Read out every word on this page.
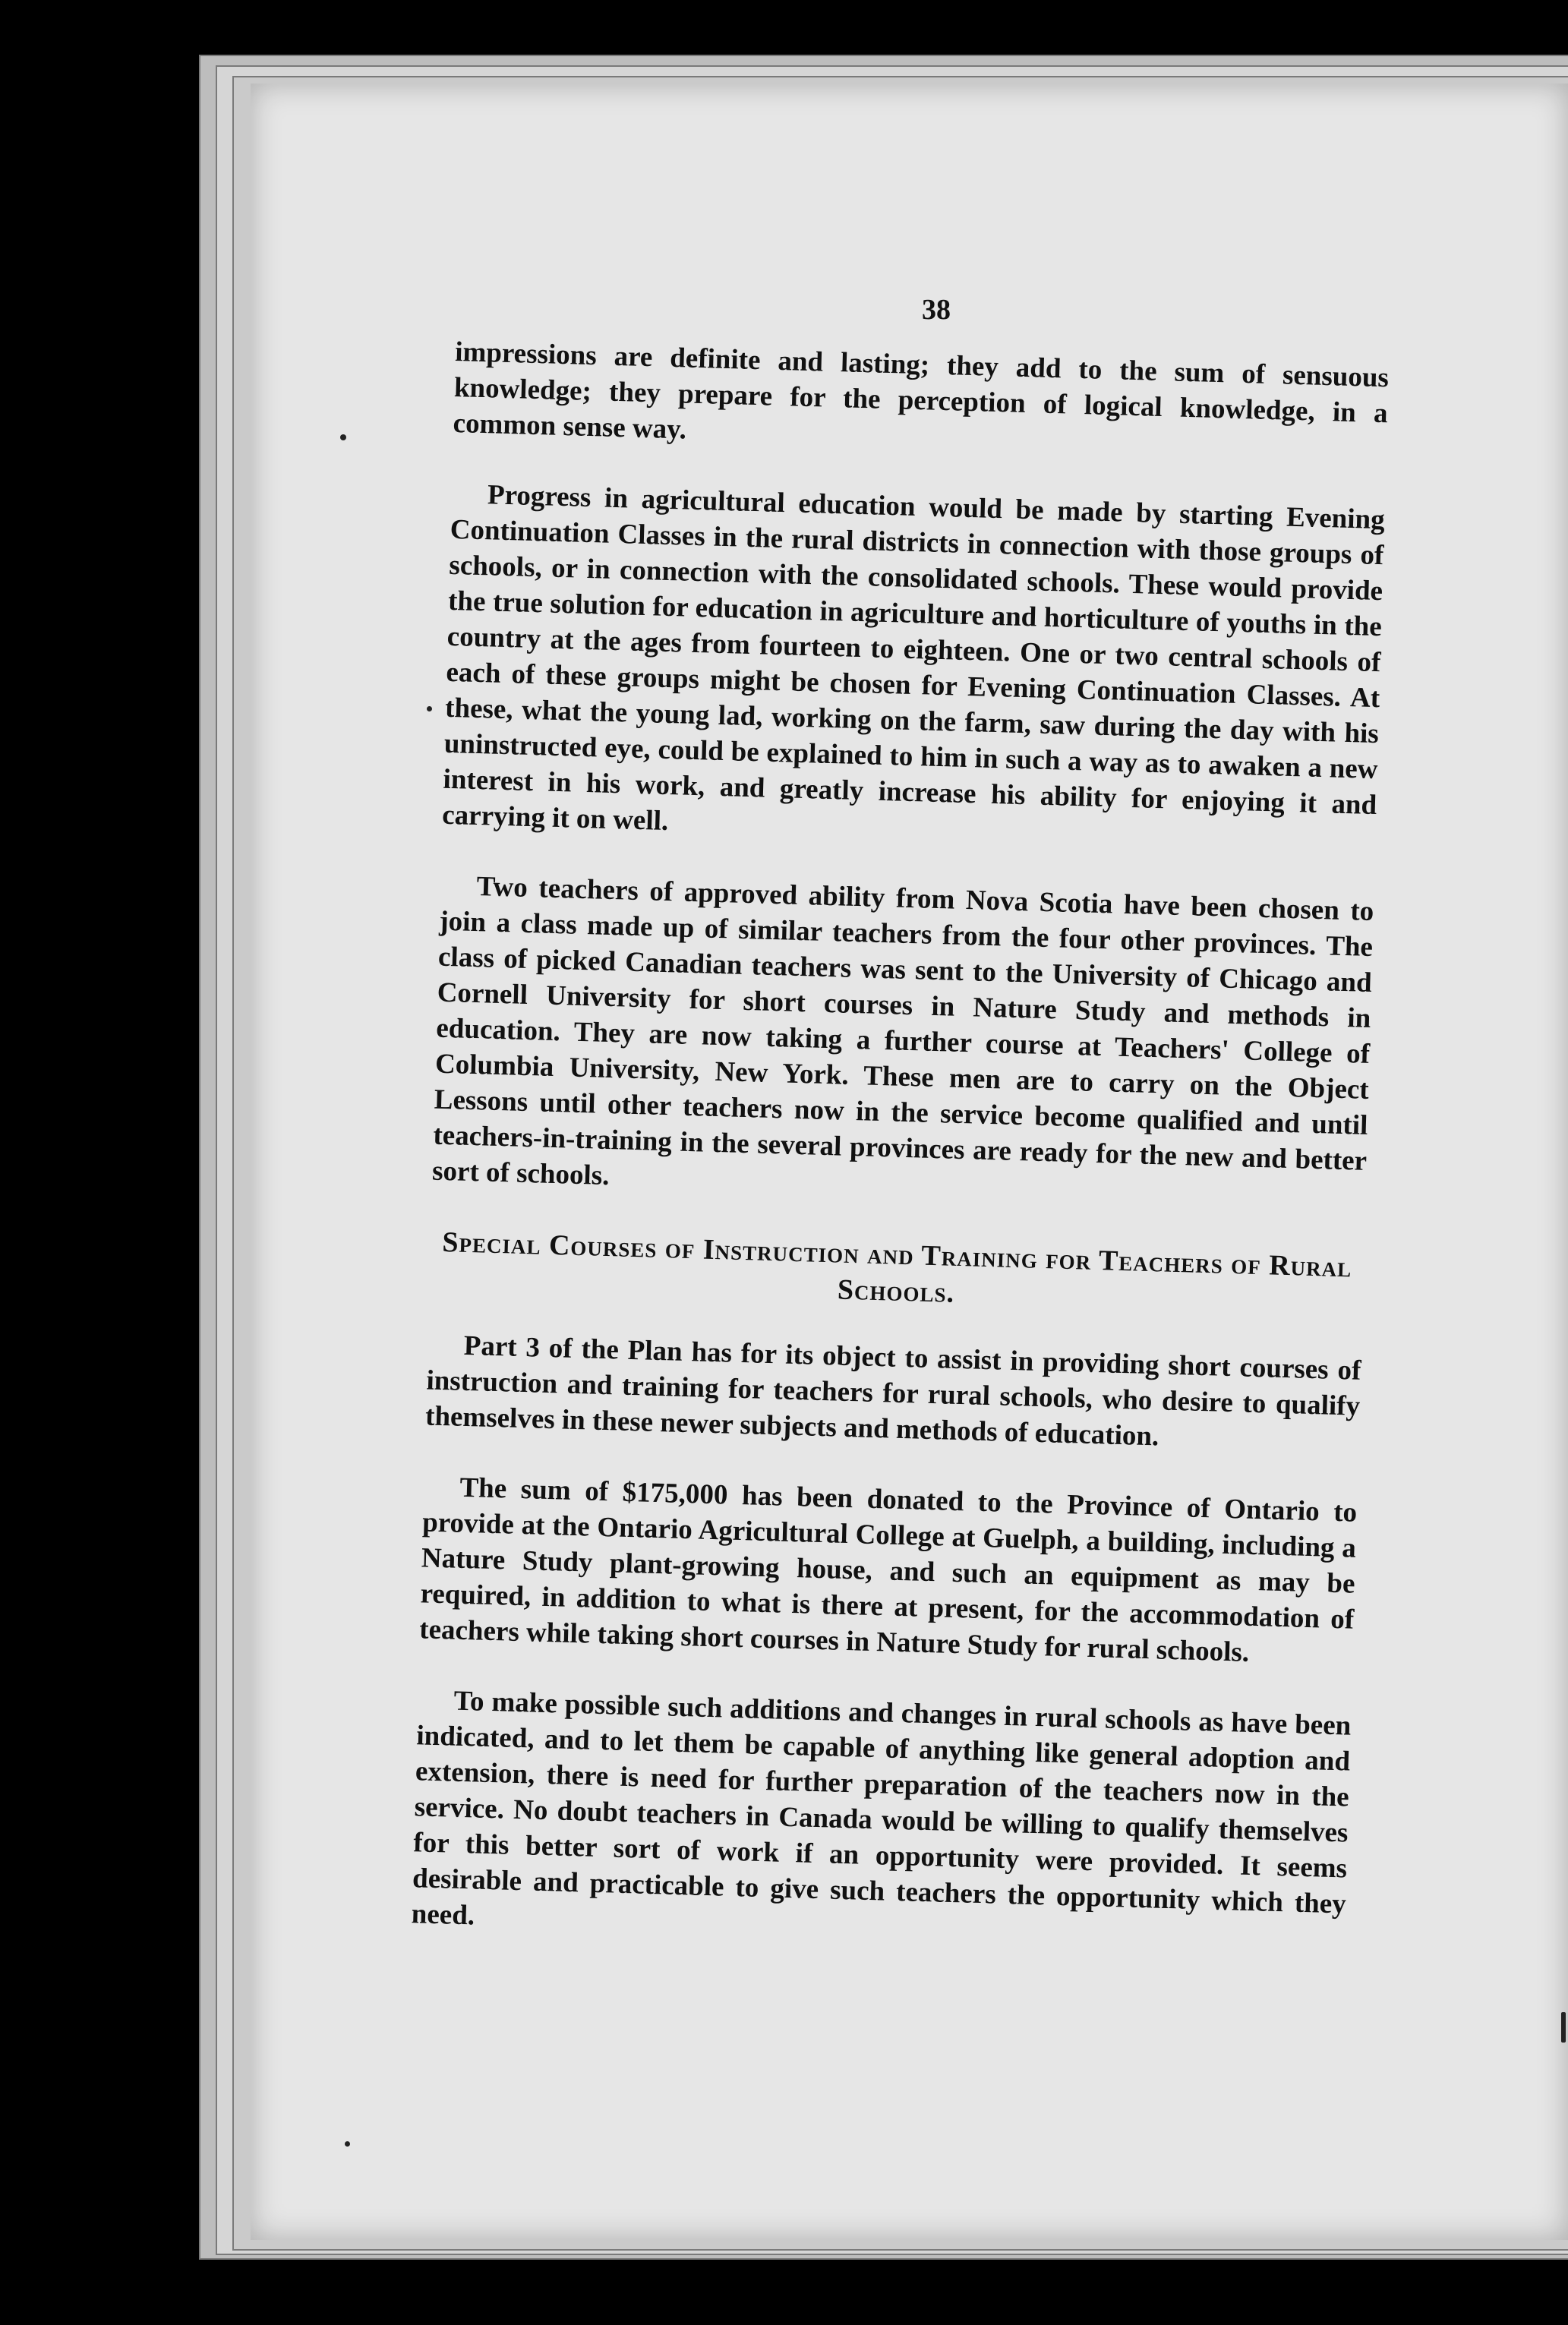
38

impressions are definite and lasting; they add to the sum of sensuous knowledge; they prepare for the perception of logical knowledge, in a common sense way.

Progress in agricultural education would be made by starting Evening Continuation Classes in the rural districts in connection with those groups of schools, or in connection with the consolidated schools. These would provide the true solution for education in agriculture and horticulture of youths in the country at the ages from fourteen to eighteen. One or two central schools of each of these groups might be chosen for Evening Continuation Classes. At these, what the young lad, working on the farm, saw during the day with his uninstructed eye, could be explained to him in such a way as to awaken a new interest in his work, and greatly increase his ability for enjoying it and carrying it on well.

Two teachers of approved ability from Nova Scotia have been chosen to join a class made up of similar teachers from the four other provinces. The class of picked Canadian teachers was sent to the University of Chicago and Cornell University for short courses in Nature Study and methods in education. They are now taking a further course at Teachers' College of Columbia University, New York. These men are to carry on the Object Lessons until other teachers now in the service become qualified and until teachers-in-training in the several provinces are ready for the new and better sort of schools.

Special Courses of Instruction and Training for Teachers of Rural Schools.

Part 3 of the Plan has for its object to assist in providing short courses of instruction and training for teachers for rural schools, who desire to qualify themselves in these newer subjects and methods of education.

The sum of $175,000 has been donated to the Province of Ontario to provide at the Ontario Agricultural College at Guelph, a building, including a Nature Study plant-growing house, and such an equipment as may be required, in addition to what is there at present, for the accommodation of teachers while taking short courses in Nature Study for rural schools.

To make possible such additions and changes in rural schools as have been indicated, and to let them be capable of anything like general adoption and extension, there is need for further preparation of the teachers now in the service. No doubt teachers in Canada would be willing to qualify themselves for this better sort of work if an opportunity were provided. It seems desirable and practicable to give such teachers the opportunity which they need.
